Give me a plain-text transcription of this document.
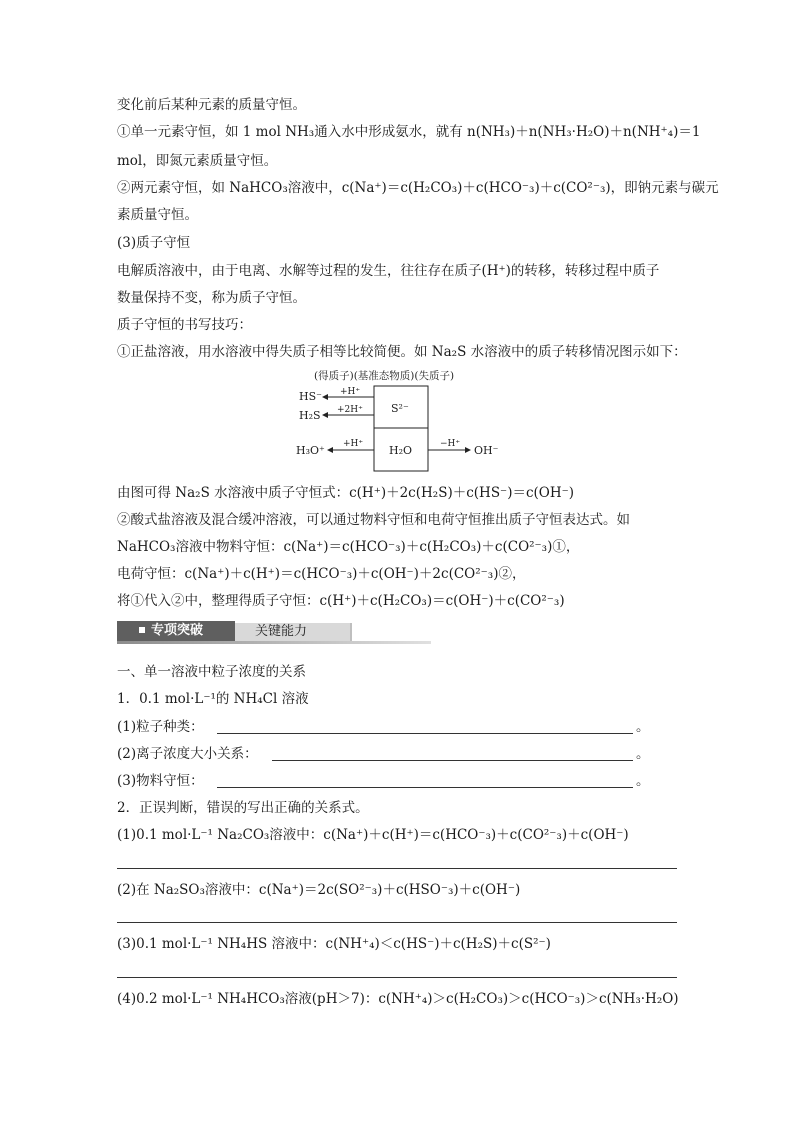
变化前后某种元素的质量守恒。
①单一元素守恒，如 1 mol NH₃通入水中形成氨水，就有 n(NH₃)＋n(NH₃·H₂O)＋n(NH⁺₄)＝1
mol，即氮元素质量守恒。
②两元素守恒，如 NaHCO₃溶液中，c(Na⁺)＝c(H₂CO₃)＋c(HCO⁻₃)＋c(CO²⁻₃)，即钠元素与碳元
素质量守恒。
(3)质子守恒
电解质溶液中，由于电离、水解等过程的发生，往往存在质子(H⁺)的转移，转移过程中质子
数量保持不变，称为质子守恒。
质子守恒的书写技巧：
①正盐溶液，用水溶液中得失质子相等比较简便。如 Na₂S 水溶液中的质子转移情况图示如下：
(得质子)(基准态物质)(失质子)
S²⁻
H₂O
HS⁻ +H⁺
H₂S +2H⁺
H₃O⁺ +H⁺	−H⁺ OH⁻
由图可得 Na₂S 水溶液中质子守恒式：c(H⁺)＋2c(H₂S)＋c(HS⁻)＝c(OH⁻)
②酸式盐溶液及混合缓冲溶液，可以通过物料守恒和电荷守恒推出质子守恒表达式。如
NaHCO₃溶液中物料守恒：c(Na⁺)＝c(HCO⁻₃)＋c(H₂CO₃)＋c(CO²⁻₃)①，
电荷守恒：c(Na⁺)＋c(H⁺)＝c(HCO⁻₃)＋c(OH⁻)＋2c(CO²⁻₃)②，
将①代入②中，整理得质子守恒：c(H⁺)＋c(H₂CO₃)＝c(OH⁻)＋c(CO²⁻₃)
专项突破	关键能力
一、单一溶液中粒子浓度的关系
1．0.1 mol·L⁻¹的 NH₄Cl 溶液
(1)粒子种类：	。
(2)离子浓度大小关系：	。
(3)物料守恒：	。
2．正误判断，错误的写出正确的关系式。
(1)0.1 mol·L⁻¹ Na₂CO₃溶液中：c(Na⁺)＋c(H⁺)＝c(HCO⁻₃)＋c(CO²⁻₃)＋c(OH⁻)
(2)在 Na₂SO₃溶液中：c(Na⁺)＝2c(SO²⁻₃)＋c(HSO⁻₃)＋c(OH⁻)
(3)0.1 mol·L⁻¹ NH₄HS 溶液中：c(NH⁺₄)＜c(HS⁻)＋c(H₂S)＋c(S²⁻)
(4)0.2 mol·L⁻¹ NH₄HCO₃溶液(pH＞7)：c(NH⁺₄)＞c(H₂CO₃)＞c(HCO⁻₃)＞c(NH₃·H₂O)
